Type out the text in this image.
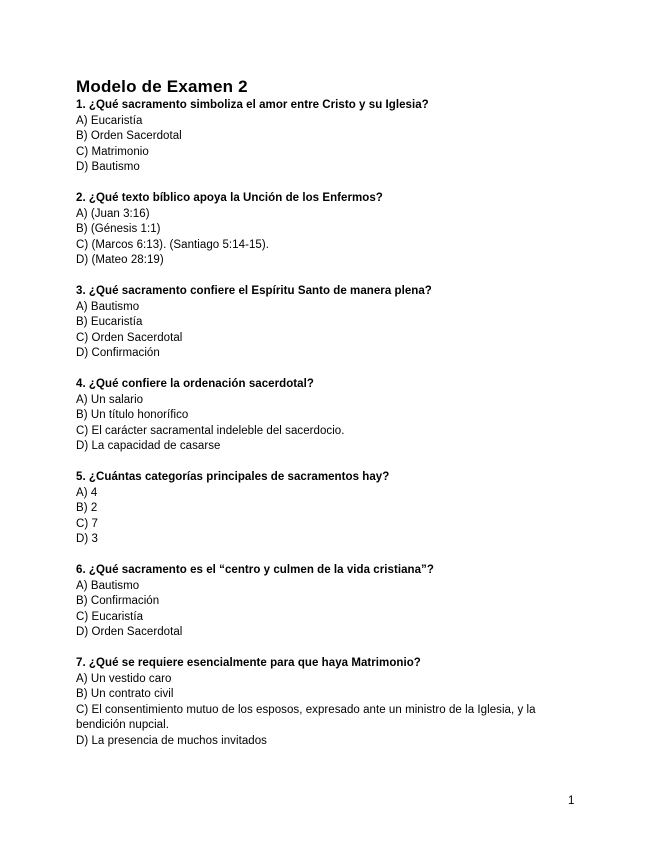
Modelo de Examen 2
1. ¿Qué sacramento simboliza el amor entre Cristo y su Iglesia?
A) Eucaristía
B) Orden Sacerdotal
C) Matrimonio
D) Bautismo
2. ¿Qué texto bíblico apoya la Unción de los Enfermos?
A) (Juan 3:16)
B) (Génesis 1:1)
C) (Marcos 6:13). (Santiago 5:14-15).
D) (Mateo 28:19)
3. ¿Qué sacramento confiere el Espíritu Santo de manera plena?
A) Bautismo
B) Eucaristía
C) Orden Sacerdotal
D) Confirmación
4. ¿Qué confiere la ordenación sacerdotal?
A) Un salario
B) Un título honorífico
C) El carácter sacramental indeleble del sacerdocio.
D) La capacidad de casarse
5. ¿Cuántas categorías principales de sacramentos hay?
A) 4
B) 2
C) 7
D) 3
6. ¿Qué sacramento es el “centro y culmen de la vida cristiana”?
A) Bautismo
B) Confirmación
C) Eucaristía
D) Orden Sacerdotal
7. ¿Qué se requiere esencialmente para que haya Matrimonio?
A) Un vestido caro
B) Un contrato civil
C) El consentimiento mutuo de los esposos, expresado ante un ministro de la Iglesia, y la bendición nupcial.
D) La presencia de muchos invitados
1
